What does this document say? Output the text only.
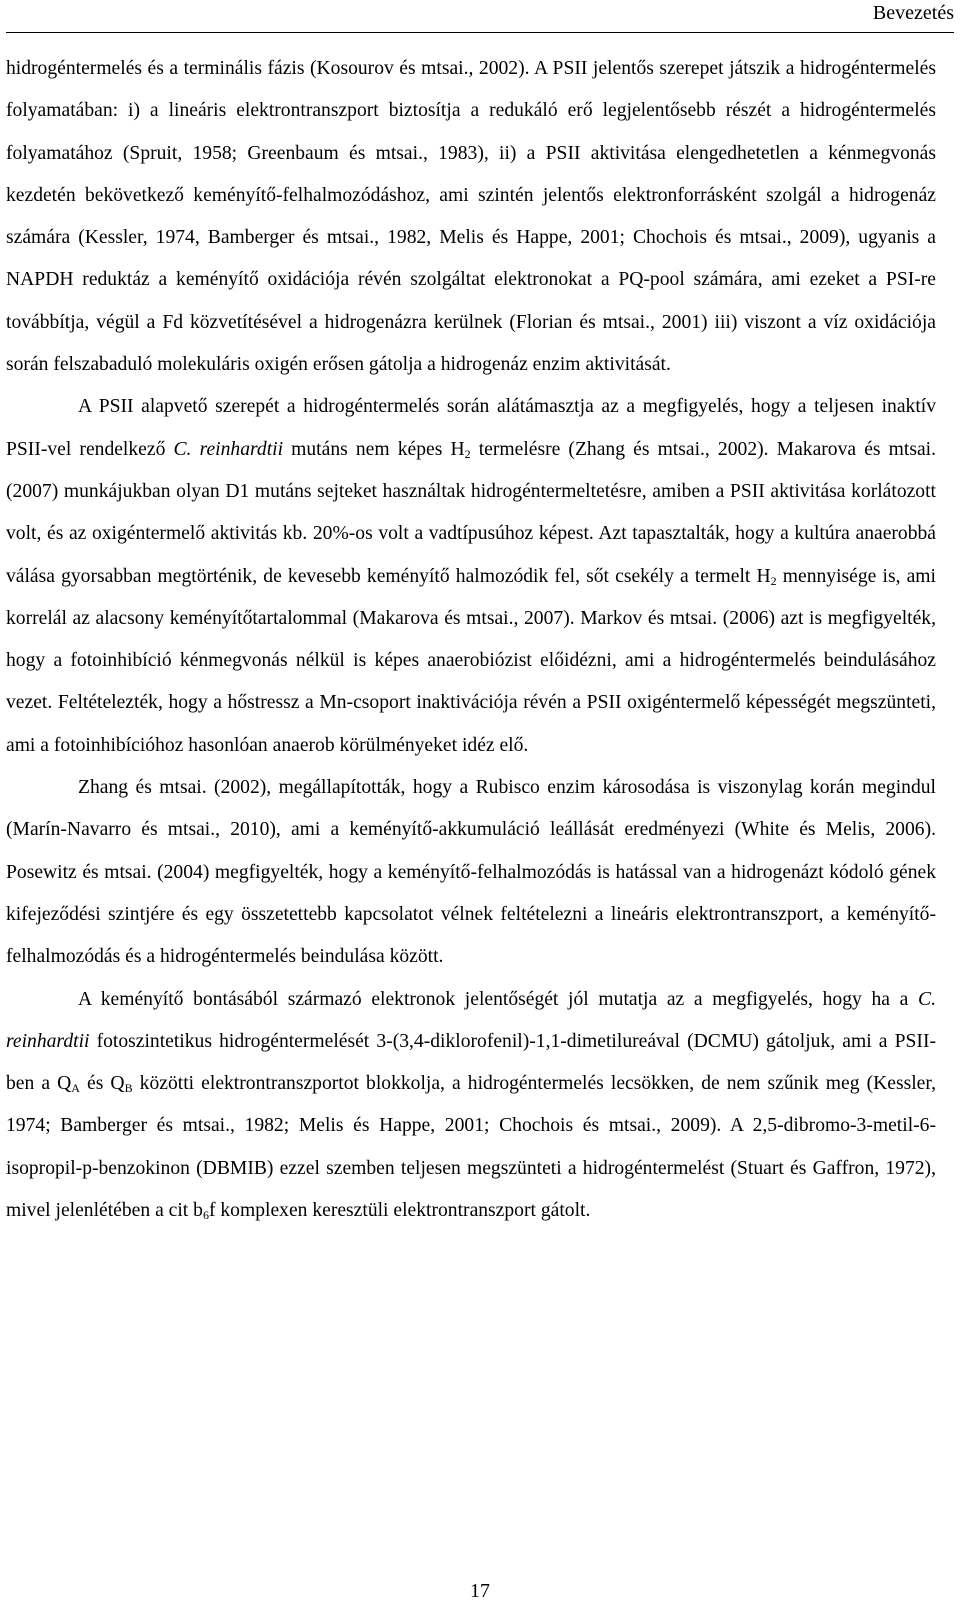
Bevezetés

hidrogéntermelés és a terminális fázis (Kosourov és mtsai., 2002). A PSII jelentős szerepet játszik a hidrogéntermelés folyamatában: i) a lineáris elektrontranszport biztosítja a redukáló erő legjelentősebb részét a hidrogéntermelés folyamatához (Spruit, 1958; Greenbaum és mtsai., 1983), ii) a PSII aktivitása elengedhetetlen a kénmegvonás kezdetén bekövetkező keményítő-felhalmozódáshoz, ami szintén jelentős elektronforrásként szolgál a hidrogenáz számára (Kessler, 1974, Bamberger és mtsai., 1982, Melis és Happe, 2001; Chochois és mtsai., 2009), ugyanis a NAPDH reduktáz a keményítő oxidációja révén szolgáltat elektronokat a PQ-pool számára, ami ezeket a PSI-re továbbítja, végül a Fd közvetítésével a hidrogenázra kerülnek (Florian és mtsai., 2001) iii) viszont a víz oxidációja során felszabaduló molekuláris oxigén erősen gátolja a hidrogenáz enzim aktivitását.

A PSII alapvető szerepét a hidrogéntermelés során alátámasztja az a megfigyelés, hogy a teljesen inaktív PSII-vel rendelkező C. reinhardtii mutáns nem képes $H_2$ termelésre (Zhang és mtsai., 2002). Makarova és mtsai. (2007) munkájukban olyan D1 mutáns sejteket használtak hidrogéntermeltetésre, amiben a PSII aktivitása korlátozott volt, és az oxigéntermelő aktivitás kb. 20%-os volt a vadtípusúhoz képest. Azt tapasztalták, hogy a kultúra anaerobbá válása gyorsabban megtörténik, de kevesebb keményítő halmozódik fel, sőt csekély a termelt $H_2$ mennyisége is, ami korrelál az alacsony keményítőtartalommal (Makarova és mtsai., 2007). Markov és mtsai. (2006) azt is megfigyelték, hogy a fotoinhibíció kénmegvonás nélkül is képes anaerobiózist előidézni, ami a hidrogéntermelés beindulásához vezet. Feltételezték, hogy a hőstressz a Mn-csoport inaktivációja révén a PSII oxigéntermelő képességét megszünteti, ami a fotoinhibícióhoz hasonlóan anaerob körülményeket idéz elő.

Zhang és mtsai. (2002), megállapították, hogy a Rubisco enzim károsodása is viszonylag korán megindul (Marín-Navarro és mtsai., 2010), ami a keményítő-akkumuláció leállását eredményezi (White és Melis, 2006). Posewitz és mtsai. (2004) megfigyelték, hogy a keményítő-felhalmozódás is hatással van a hidrogenázt kódoló gének kifejeződési szintjére és egy összetettebb kapcsolatot vélnek feltételezni a lineáris elektrontranszport, a keményítő-felhalmozódás és a hidrogéntermelés beindulása között.

A keményítő bontásából származó elektronok jelentőségét jól mutatja az a megfigyelés, hogy ha a C. reinhardtii fotoszintetikus hidrogéntermelését 3-(3,4-diklorofenil)-1,1-dimetilureával (DCMU) gátoljuk, ami a PSII-ben a $Q_A$ és $Q_B$ közötti elektrontranszportot blokkolja, a hidrogéntermelés lecsökken, de nem szűnik meg (Kessler, 1974; Bamberger és mtsai., 1982; Melis és Happe, 2001; Chochois és mtsai., 2009). A 2,5-dibromo-3-metil-6-isopropil-p-benzokinon (DBMIB) ezzel szemben teljesen megszünteti a hidrogéntermelést (Stuart és Gaffron, 1972), mivel jelenlétében a cit $b_6f$ komplexen keresztüli elektrontranszport gátolt.

17
